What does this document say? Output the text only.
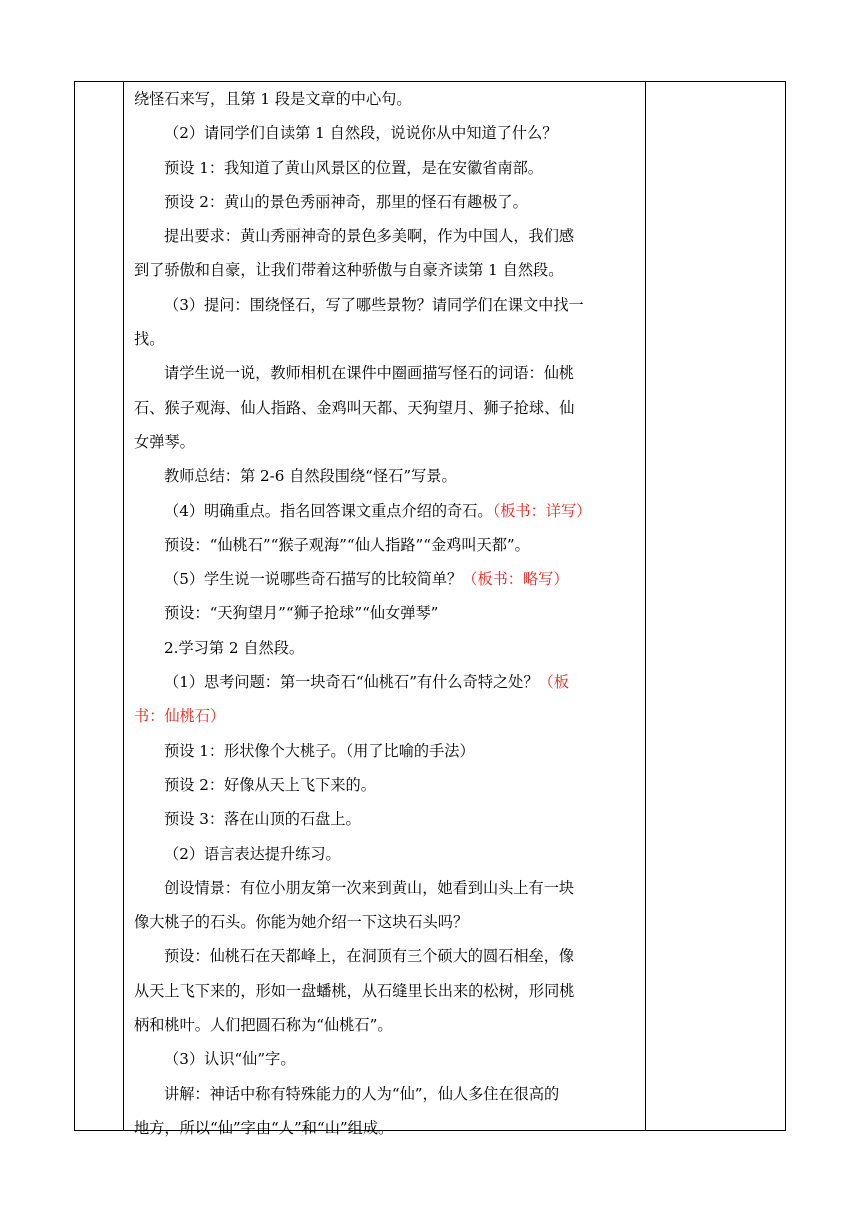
绕怪石来写，且第 1 段是文章的中心句。
（2）请同学们自读第 1 自然段，说说你从中知道了什么？
预设 1：我知道了黄山风景区的位置，是在安徽省南部。
预设 2：黄山的景色秀丽神奇，那里的怪石有趣极了。
提出要求：黄山秀丽神奇的景色多美啊，作为中国人，我们感
到了骄傲和自豪，让我们带着这种骄傲与自豪齐读第 1 自然段。
（3）提问：围绕怪石，写了哪些景物？请同学们在课文中找一
找。
请学生说一说，教师相机在课件中圈画描写怪石的词语：仙桃
石、猴子观海、仙人指路、金鸡叫天都、天狗望月、狮子抢球、仙
女弹琴。
教师总结：第 2-6 自然段围绕“怪石”写景。
（4）明确重点。指名回答课文重点介绍的奇石。（板书：详写）
预设：“仙桃石”“猴子观海”“仙人指路”“金鸡叫天都”。
（5）学生说一说哪些奇石描写的比较简单？（板书：略写）
预设：“天狗望月”“狮子抢球”“仙女弹琴”
2.学习第 2 自然段。
（1）思考问题：第一块奇石“仙桃石”有什么奇特之处？（板
书：仙桃石）
预设 1：形状像个大桃子。（用了比喻的手法）
预设 2：好像从天上飞下来的。
预设 3：落在山顶的石盘上。
（2）语言表达提升练习。
创设情景：有位小朋友第一次来到黄山，她看到山头上有一块
像大桃子的石头。你能为她介绍一下这块石头吗？
预设：仙桃石在天都峰上，在洞顶有三个硕大的圆石相垒，像
从天上飞下来的，形如一盘蟠桃，从石缝里长出来的松树，形同桃
柄和桃叶。人们把圆石称为“仙桃石”。
（3）认识“仙”字。
讲解：神话中称有特殊能力的人为“仙”，仙人多住在很高的
地方，所以“仙”字由“人”和“山”组成。
